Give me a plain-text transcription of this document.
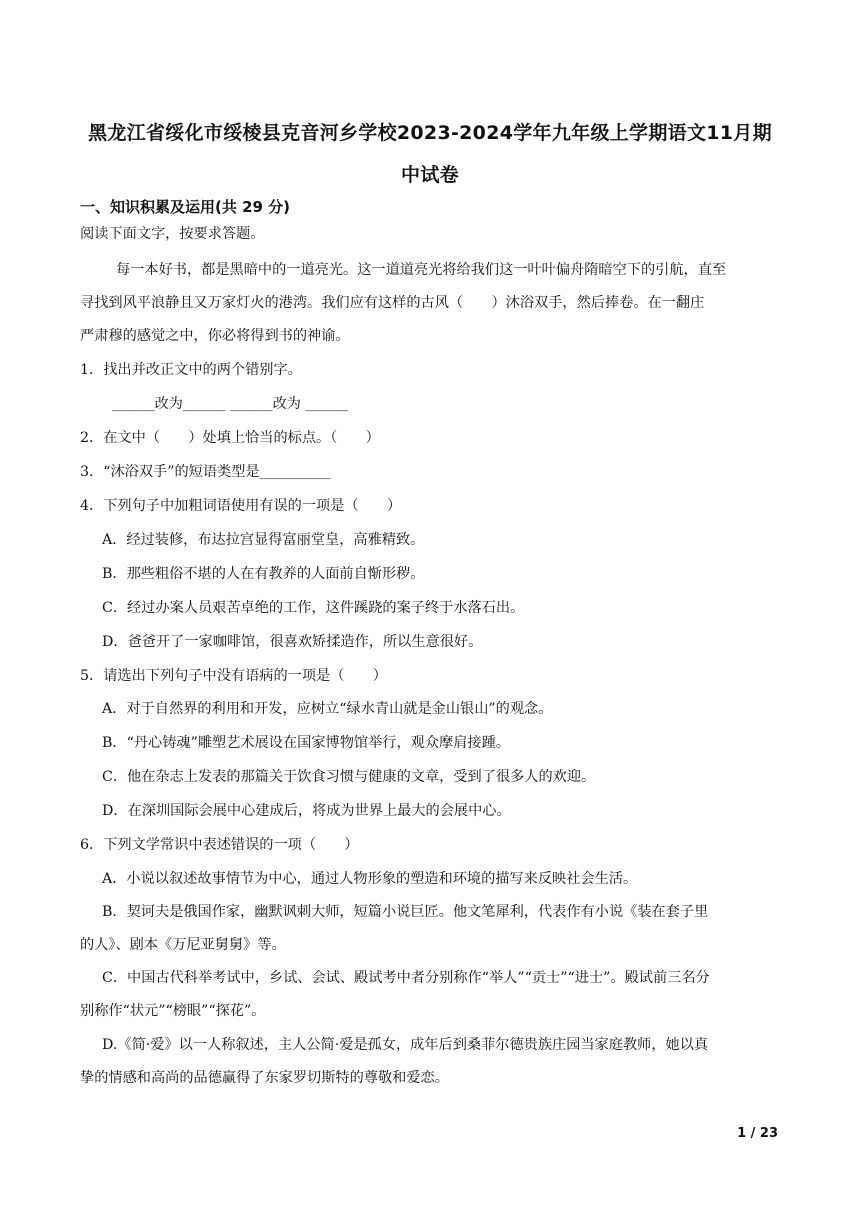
黑龙江省绥化市绥棱县克音河乡学校2023-2024学年九年级上学期语文11月期
中试卷
一、知识积累及运用(共 29 分)
阅读下面文字，按要求答题。
每一本好书，都是黑暗中的一道亮光。这一道道亮光将给我们这一叶叶偏舟隋暗空下的引航，直至
寻找到风平浪静且又万家灯火的港湾。我们应有这样的古风（　　）沐浴双手，然后捧卷。在一翻庄
严肃穆的感觉之中，你必将得到书的神谕。
1．找出并改正文中的两个错别字。
______改为______ ______改为 ______
2．在文中（　　）处填上恰当的标点。（　　）
3．“沐浴双手”的短语类型是__________
4．下列句子中加粗词语使用有误的一项是（　　）
A．经过装修，布达拉宫显得富丽堂皇，高雅精致。
B．那些粗俗不堪的人在有教养的人面前自惭形秽。
C．经过办案人员艰苦卓绝的工作，这件蹊跷的案子终于水落石出。
D．爸爸开了一家咖啡馆，很喜欢矫揉造作，所以生意很好。
5．请选出下列句子中没有语病的一项是（　　）
A．对于自然界的利用和开发，应树立“绿水青山就是金山银山”的观念。
B．“丹心铸魂”雕塑艺术展设在国家博物馆举行，观众摩肩接踵。
C．他在杂志上发表的那篇关于饮食习惯与健康的文章，受到了很多人的欢迎。
D．在深圳国际会展中心建成后，将成为世界上最大的会展中心。
6．下列文学常识中表述错误的一项（　　）
A．小说以叙述故事情节为中心，通过人物形象的塑造和环境的描写来反映社会生活。
B．契诃夫是俄国作家，幽默讽刺大师，短篇小说巨匠。他文笔犀利，代表作有小说《装在套子里
的人》、剧本《万尼亚舅舅》等。
C．中国古代科举考试中，乡试、会试、殿试考中者分别称作“举人”“贡士”“进士”。殿试前三名分
别称作“状元”“榜眼”“探花”。
D.《简·爱》以一人称叙述，主人公简·爱是孤女，成年后到桑菲尔德贵族庄园当家庭教师，她以真
挚的情感和高尚的品德赢得了东家罗切斯特的尊敬和爱恋。
1 / 23
